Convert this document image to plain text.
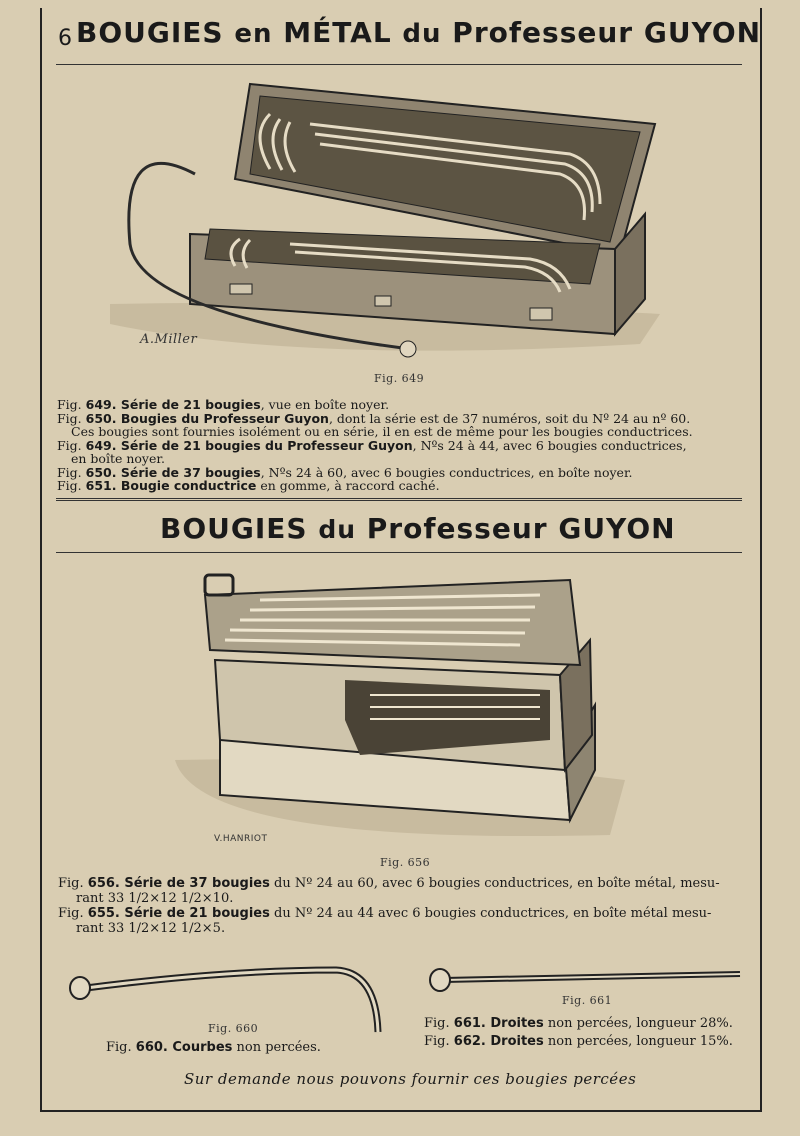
6 BOUGIES en MÉTAL du Professeur GUYON
A.Miller
Fig. 649
Fig. 649. Série de 21 bougies, vue en boîte noyer.
Fig. 650. Bougies du Professeur Guyon, dont la série est de 37 numéros, soit du Nº 24 au nº 60.
Ces bougies sont fournies isolément ou en série, il en est de même pour les bougies conductrices.
Fig. 649. Série de 21 bougies du Professeur Guyon, Nºs 24 à 44, avec 6 bougies conductrices,
en boîte noyer.
Fig. 650. Série de 37 bougies, Nºs 24 à 60, avec 6 bougies conductrices, en boîte noyer.
Fig. 651. Bougie conductrice en gomme, à raccord caché.
BOUGIES du Professeur GUYON
V.HANRIOT
Fig. 656
Fig. 656. Série de 37 bougies du Nº 24 au 60, avec 6 bougies conductrices, en boîte métal, mesu-
rant 33 1/2×12 1/2×10.
Fig. 655. Série de 21 bougies du Nº 24 au 44 avec 6 bougies conductrices, en boîte métal mesu-
rant 33 1/2×12 1/2×5.
Fig. 660
Fig. 660. Courbes non percées.
Fig. 661
Fig. 661. Droites non percées, longueur 28%.
Fig. 662. Droites non percées, longueur 15%.
Sur demande nous pouvons fournir ces bougies percées
